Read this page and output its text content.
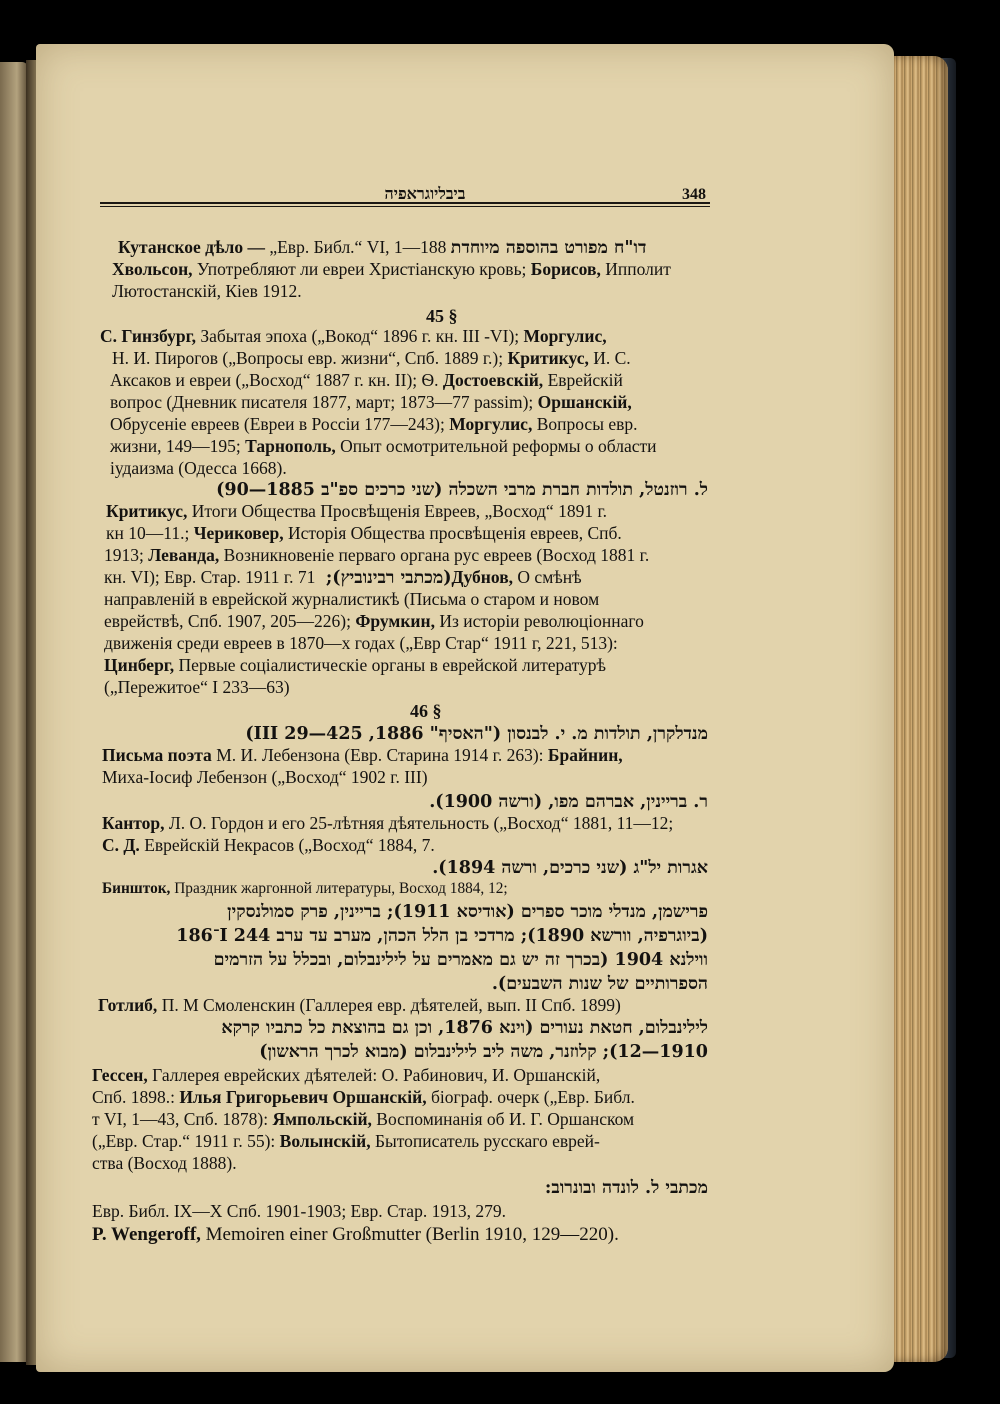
ביבליוגראפיה	348
Кутанское дѣло — „Евр. Библ.“ VI, 1—188 דו"ח מפורט בהוספה מיוחדת
Хвольсон, Употребляют ли евреи Христіанскую кровь; Борисов, Ипполит
Лютостанскій, Кіев 1912.
45 §
С. Гинзбург, Забытая эпоха („Вокод“ 1896 г. кн. III -VI); Моргулис,
Н. И. Пирогов („Вопросы евр. жизни“, Спб. 1889 г.); Критикус, И. С.
Аксаков и евреи („Восход“ 1887 г. кн. II); Ѳ. Достоевскій, Еврейскій
вопрос (Дневник писателя 1877, март; 1873—77 passim); Оршанскій,
Обрусеніе евреев (Евреи в Россіи 177—243); Моргулис, Вопросы евр.
жизни, 149—195; Тарнополь, Опыт осмотрительной реформы о области
іудаизма (Одесса 1668).
ל. רוזנטל, תולדות חברת מרבי השכלה (שני כרכים ספ"ב 1885—90)
Критикус, Итоги Общества Просвѣщенія Евреев, „Восход“ 1891 г.
кн 10—11.; Чериковер, Исторія Общества просвѣщенія евреев, Спб.
1913; Леванда, Возникновеніе перваго органа рус евреев (Восход 1881 г.
кн. VI); Евр. Стар. 1911 г. 71 (מכתבי רבינוביץ); Дубнов, О смѣнѣ
направленій в еврейской журналистикѣ (Письма о старом и новом
еврействѣ, Спб. 1907, 205—226); Фрумкин, Из исторіи революціоннаго
движенія среди евреев в 1870—х годах („Евр Стар“ 1911 г, 221, 513):
Цинберг, Первые соціалистическіе органы в еврейской литературѣ
(„Пережитое“ I 233—63)
46 §
מנדלקרן, תולדות מ. י. לבנסון ("האסיף" III 29—425 ,1886)
Письма поэта М. И. Лебензона (Евр. Старина 1914 г. 263): Брайнин,
Миха-Іосиф Лебензон („Восход“ 1902 г. III)
ר. בריינין, אברהם מפו, (ורשה 1900).
Кантор, Л. О. Гордон и его 25-лѣтняя дѣятельность („Восход“ 1881, 11—12;
С. Д. Еврейскій Некрасов („Восход“ 1884, 7.
אגרות יל"ג (שני כרכים, ורשה 1894).
Биншток, Праздник жаргонной литературы, Восход 1884, 12;
פרישמן, מנדלי מוכר ספרים (אודיסא 1911); בריינין, פרק סמולנסקין
(ביוגרפיה, וורשא 1890); מרדכי בן הלל הכהן, מערב עד ערב I 244־186
ווילנא 1904 (בכרך זה יש גם מאמרים על לילינבלום, ובכלל על הזרמים
הספרותיים של שנות השבעים).
Готлиб, П. М Смоленскин (Галлерея евр. дѣятелей, вып. II Спб. 1899)
לילינבלום, חטאת נעורים (וינא 1876, וכן גם בהוצאת כל כתביו קרקא
1910—12); קלוזנר, משה ליב לילינבלום (מבוא לכרך הראשון)
Гессен, Галлерея еврейских дѣятелей: О. Рабинович, И. Оршанскій,
Спб. 1898.: Илья Григорьевич Оршанскій, біограф. очерк („Евр. Библ.
т VI, 1—43, Спб. 1878): Ямпольскій, Воспоминанія об И. Г. Оршанском
(„Евр. Стар.“ 1911 г. 55): Волынскій, Бытописатель русскаго еврей-
ства (Восход 1888).
מכתבי ל. לונדה ובונרוב:
Евр. Библ. IX—X Спб. 1901-1903; Евр. Стар. 1913, 279.
P. Wengeroff, Memoiren einer Großmutter (Berlin 1910, 129—220).
